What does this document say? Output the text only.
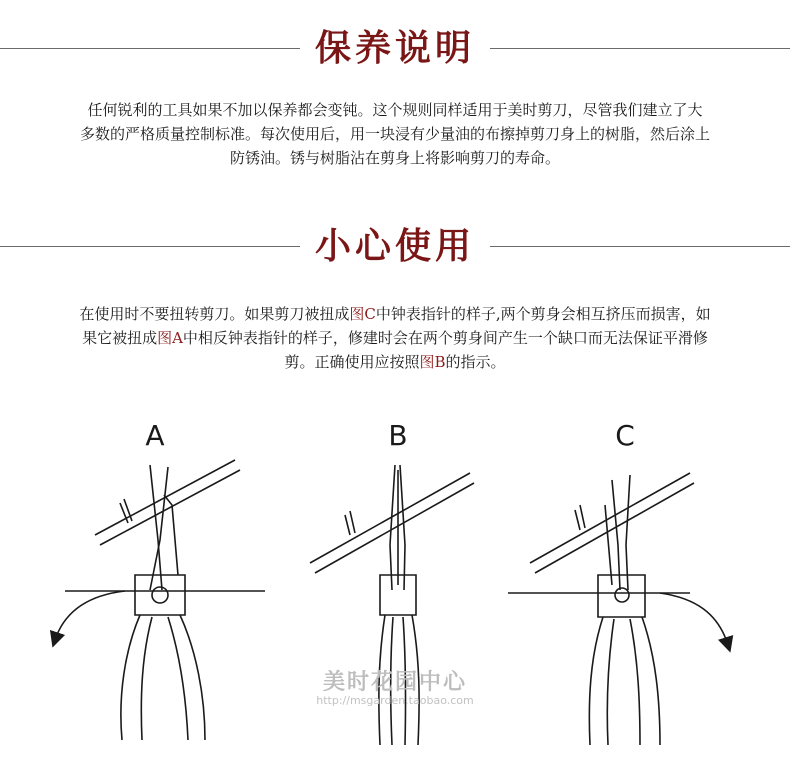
保养说明
任何锐利的工具如果不加以保养都会变钝。这个规则同样适用于美时剪刀，尽管我们建立了大
多数的严格质量控制标准。每次使用后，用一块浸有少量油的布擦掉剪刀身上的树脂，然后涂上
防锈油。锈与树脂沾在剪身上将影响剪刀的寿命。
小心使用
在使用时不要扭转剪刀。如果剪刀被扭成图C中钟表指针的样子,两个剪身会相互挤压而损害，如
果它被扭成图A中相反钟表指针的样子，修建时会在两个剪身间产生一个缺口而无法保证平滑修
剪。正确使用应按照图B的指示。
A	B	C
美时花园中心
http://msgarden.taobao.com
